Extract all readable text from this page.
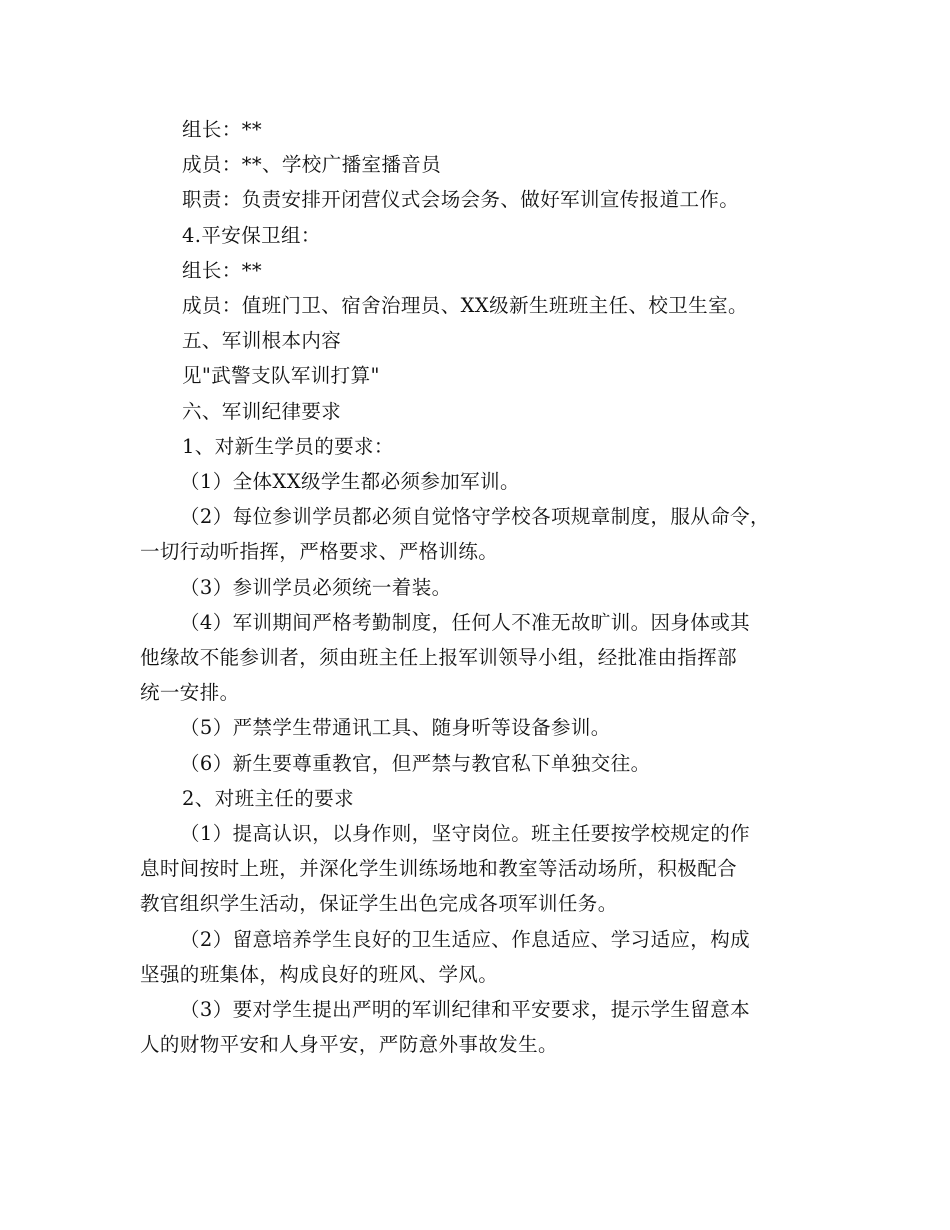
组长：**
成员：**、学校广播室播音员
职责：负责安排开闭营仪式会场会务、做好军训宣传报道工作。
4.平安保卫组：
组长：**
成员：值班门卫、宿舍治理员、XX级新生班班主任、校卫生室。
五、军训根本内容
见"武警支队军训打算"
六、军训纪律要求
1、对新生学员的要求：
（1）全体XX级学生都必须参加军训。
（2）每位参训学员都必须自觉恪守学校各项规章制度，服从命令，
一切行动听指挥，严格要求、严格训练。
（3）参训学员必须统一着装。
（4）军训期间严格考勤制度，任何人不准无故旷训。因身体或其
他缘故不能参训者，须由班主任上报军训领导小组，经批准由指挥部
统一安排。
（5）严禁学生带通讯工具、随身听等设备参训。
（6）新生要尊重教官，但严禁与教官私下单独交往。
2、对班主任的要求
（1）提高认识，以身作则，坚守岗位。班主任要按学校规定的作
息时间按时上班，并深化学生训练场地和教室等活动场所，积极配合
教官组织学生活动，保证学生出色完成各项军训任务。
（2）留意培养学生良好的卫生适应、作息适应、学习适应，构成
坚强的班集体，构成良好的班风、学风。
（3）要对学生提出严明的军训纪律和平安要求，提示学生留意本
人的财物平安和人身平安，严防意外事故发生。
